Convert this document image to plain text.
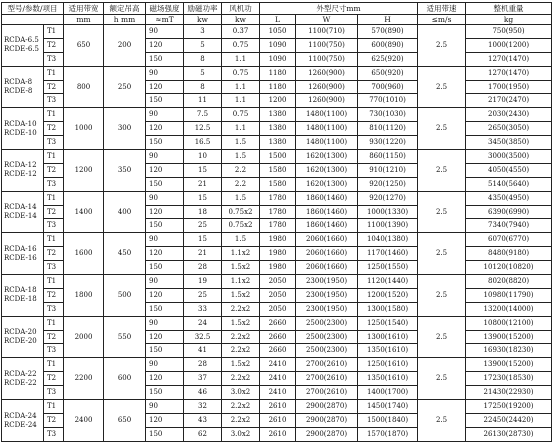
型号/参数/项目		适用带宽	额定吊高	磁场强度	励磁功率	风机功	外型尺寸mm			适用带速	整机重量
		mm	h mm	≈mT	kw	kw	L	W	H	≤m/s	kg
RCDA-6.5
RCDE-6.5	T1	650	200	90	3	0.37	1050	1100(710)	570(890)	2.5	750(950)
	T2			120	5	0.75	1090	1100(750)	600(890)		1000(1200)
	T3			150	8	1.1	1090	1100(750)	625(920)		1270(1470)
RCDA-8
RCDE-8	T1	800	250	90	5	0.75	1180	1260(900)	650(920)	2.5	1270(1470)
	T2			120	8	1.1	1180	1260(900)	700(960)		1700(1950)
	T3			150	11	1.1	1200	1260(900)	770(1010)		2170(2470)
RCDA-10
RCDE-10	T1	1000	300	90	7.5	0.75	1380	1480(1100)	730(1030)	2.5	2030(2430)
	T2			120	12.5	1.1	1380	1480(1100)	810(1120)		2650(3050)
	T3			150	16.5	1.5	1380	1480(1100)	930(1220)		3450(3850)
RCDA-12
RCDE-12	T1	1200	350	90	10	1.5	1500	1620(1300)	860(1150)	2.5	3000(3500)
	T2			120	15	2.2	1580	1620(1300)	910(1210)		4050(4550)
	T3			150	21	2.2	1580	1620(1300)	920(1250)		5140(5640)
RCDA-14
RCDE-14	T1	1400	400	90	15	1.5	1780	1860(1460)	920(1270)	2.5	4350(4950)
	T2			120	18	0.75x2	1780	1860(1460)	1000(1330)		6390(6990)
	T3			150	25	0.75x2	1780	1860(1460)	1100(1390)		7340(7940)
RCDA-16
RCDE-16	T1	1600	450	90	15	1.5	1980	2060(1660)	1040(1380)	2.5	6070(6770)
	T2			120	21	1.1x2	1980	2060(1660)	1170(1460)		8480(9180)
	T3			150	28	1.5x2	1980	2060(1660)	1250(1550)		10120(10820)
RCDA-18
RCDE-18	T1	1800	500	90	19	1.1x2	2050	2300(1950)	1120(1440)	2.5	8020(8820)
	T2			120	25	1.5x2	2050	2300(1950)	1200(1520)		10980(11790)
	T3			150	33	2.2x2	2050	2300(1950)	1300(1580)		13200(14000)
RCDA-20
RCDE-20	T1	2000	550	90	24	1.5x2	2660	2500(2300)	1250(1540)	2.5	10800(12100)
	T2			120	32.5	2.2x2	2660	2500(2300)	1300(1610)		13900(15200)
	T3			150	41	2.2x2	2660	2500(2300)	1350(1610)		16930(18230)
RCDA-22
RCDE-22	T1	2200	600	90	28	1.5x2	2410	2700(2610)	1250(1610)	2.5	13900(15200)
	T2			120	37	2.2x2	2410	2700(2610)	1350(1610)		17230(18530)
	T3			150	46	3.0x2	2410	2700(2610)	1400(1700)		21430(22930)
RCDA-24
RCDE-24	T1	2400	650	90	32	2.2x2	2610	2900(2870)	1450(1740)	2.5	17250(19200)
	T2			120	43	2.2x2	2610	2900(2870)	1500(1840)		22450(24420)
	T3			150	62	3.0x2	2610	2900(2870)	1570(1870)		26130(28730)
